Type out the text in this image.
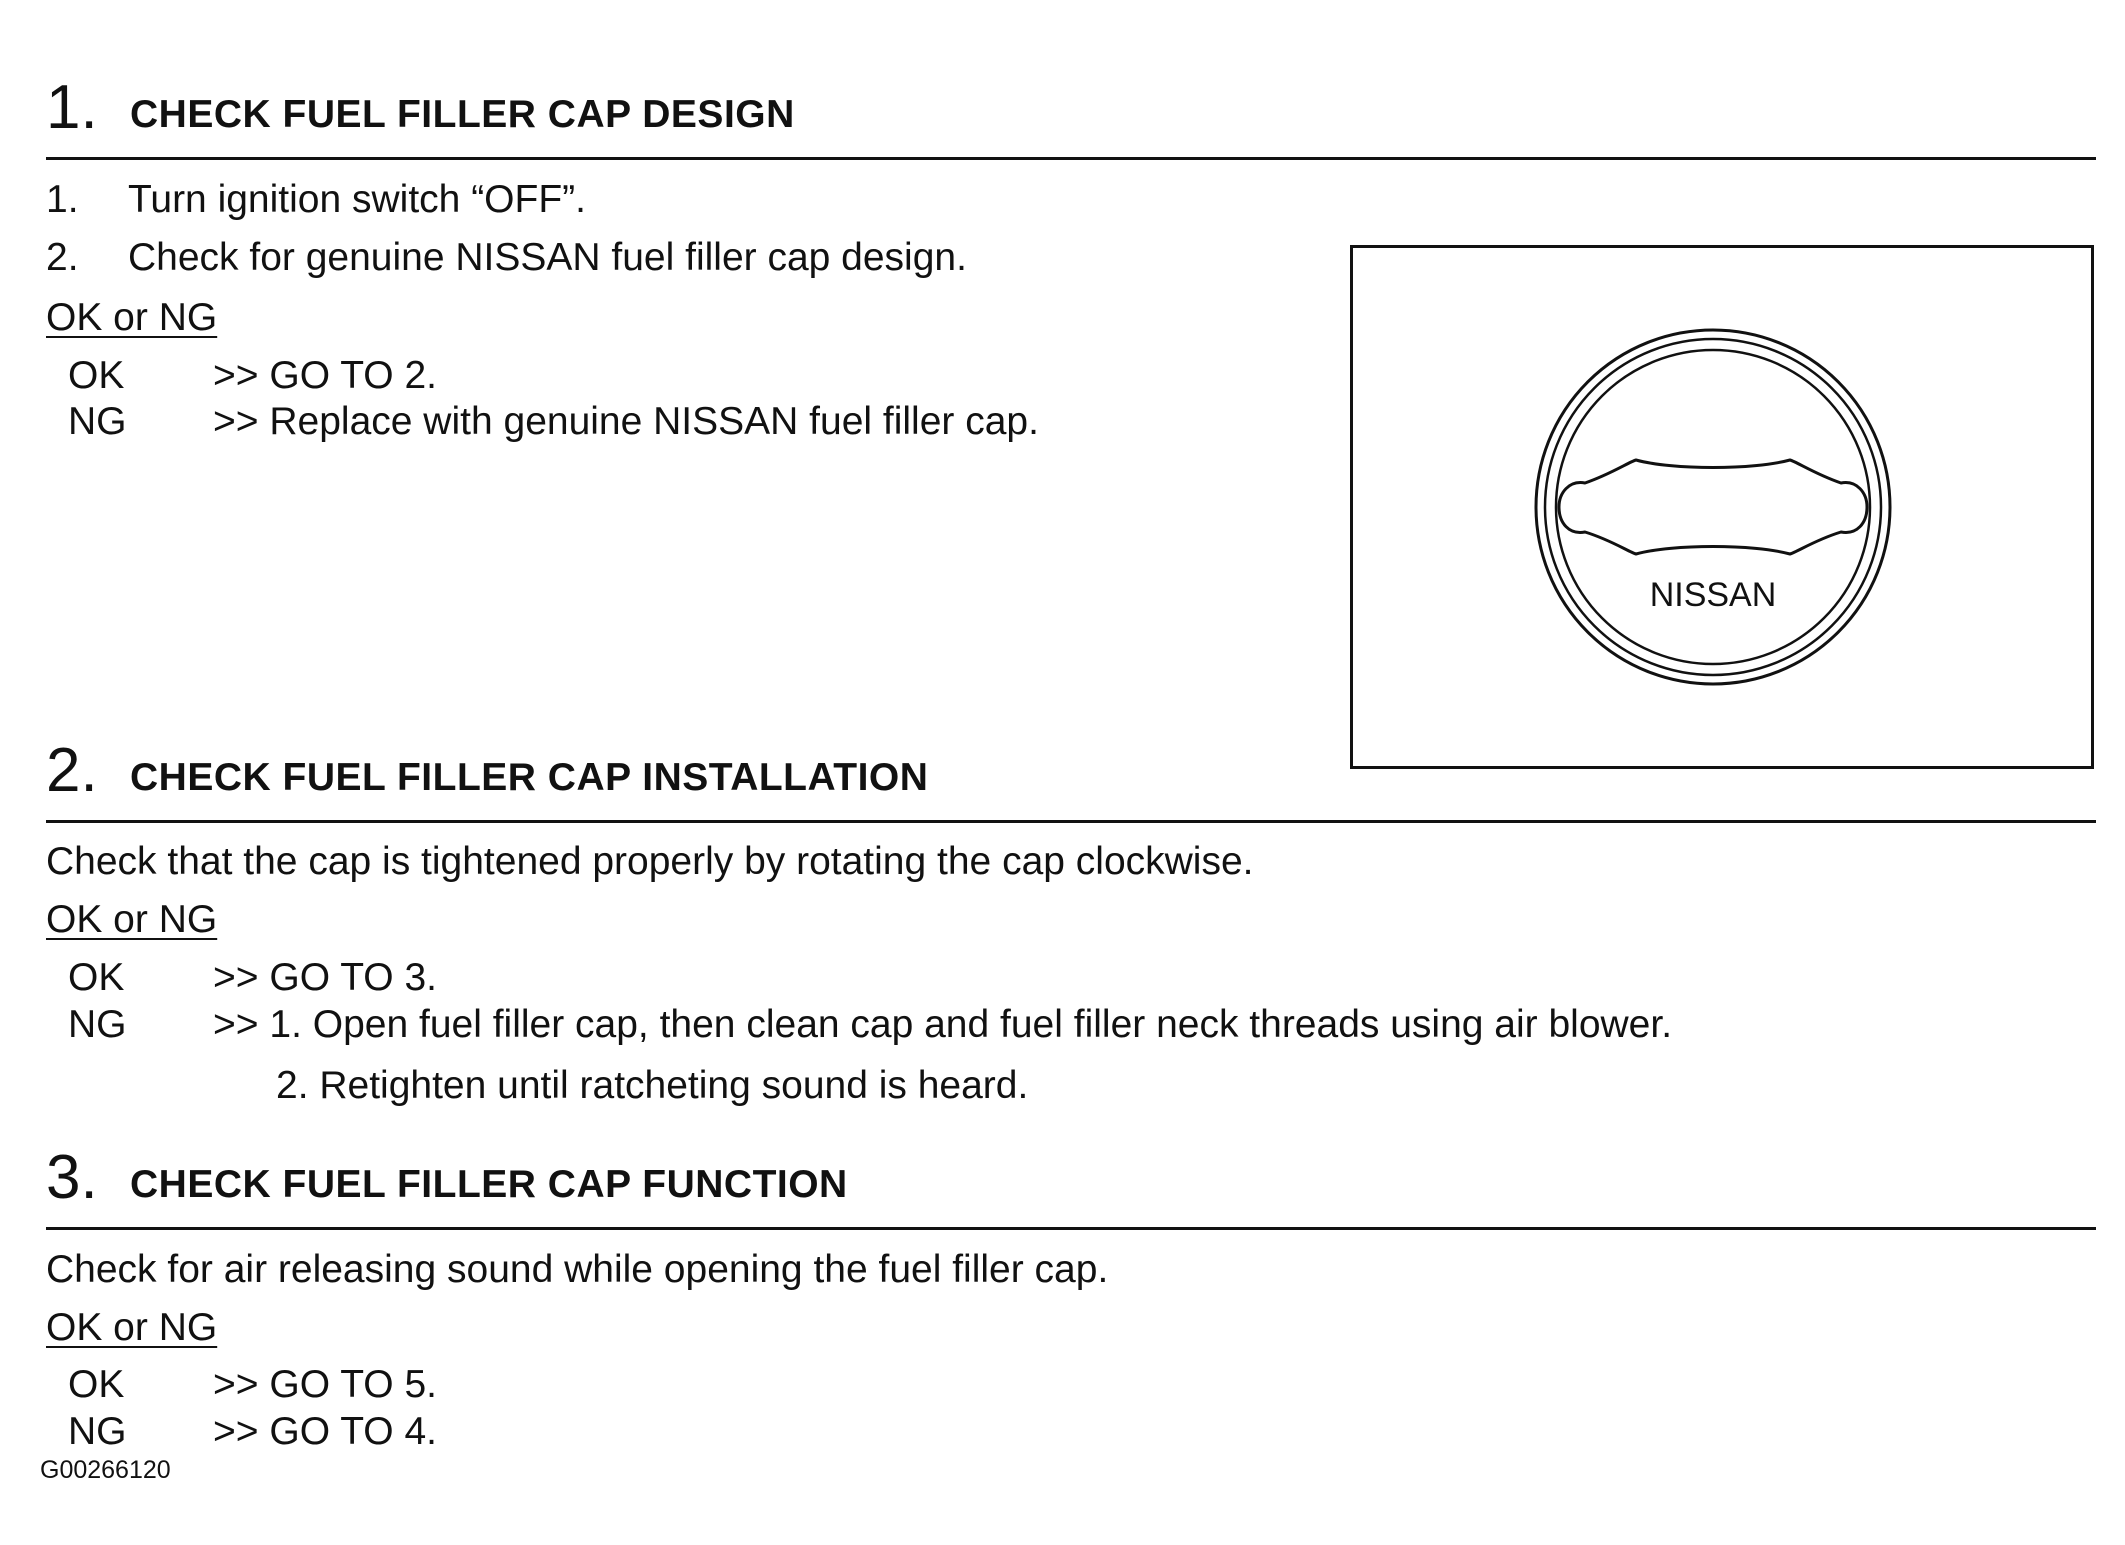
1. CHECK FUEL FILLER CAP DESIGN
1. Turn ignition switch “OFF”.
2. Check for genuine NISSAN fuel filler cap design.
OK or NG
OK >> GO TO 2.
NG >> Replace with genuine NISSAN fuel filler cap.
NISSAN
2. CHECK FUEL FILLER CAP INSTALLATION
Check that the cap is tightened properly by rotating the cap clockwise.
OK or NG
OK >> GO TO 3.
NG >> 1. Open fuel filler cap, then clean cap and fuel filler neck threads using air blower.
2. Retighten until ratcheting sound is heard.
3. CHECK FUEL FILLER CAP FUNCTION
Check for air releasing sound while opening the fuel filler cap.
OK or NG
OK >> GO TO 5.
NG >> GO TO 4.
G00266120
